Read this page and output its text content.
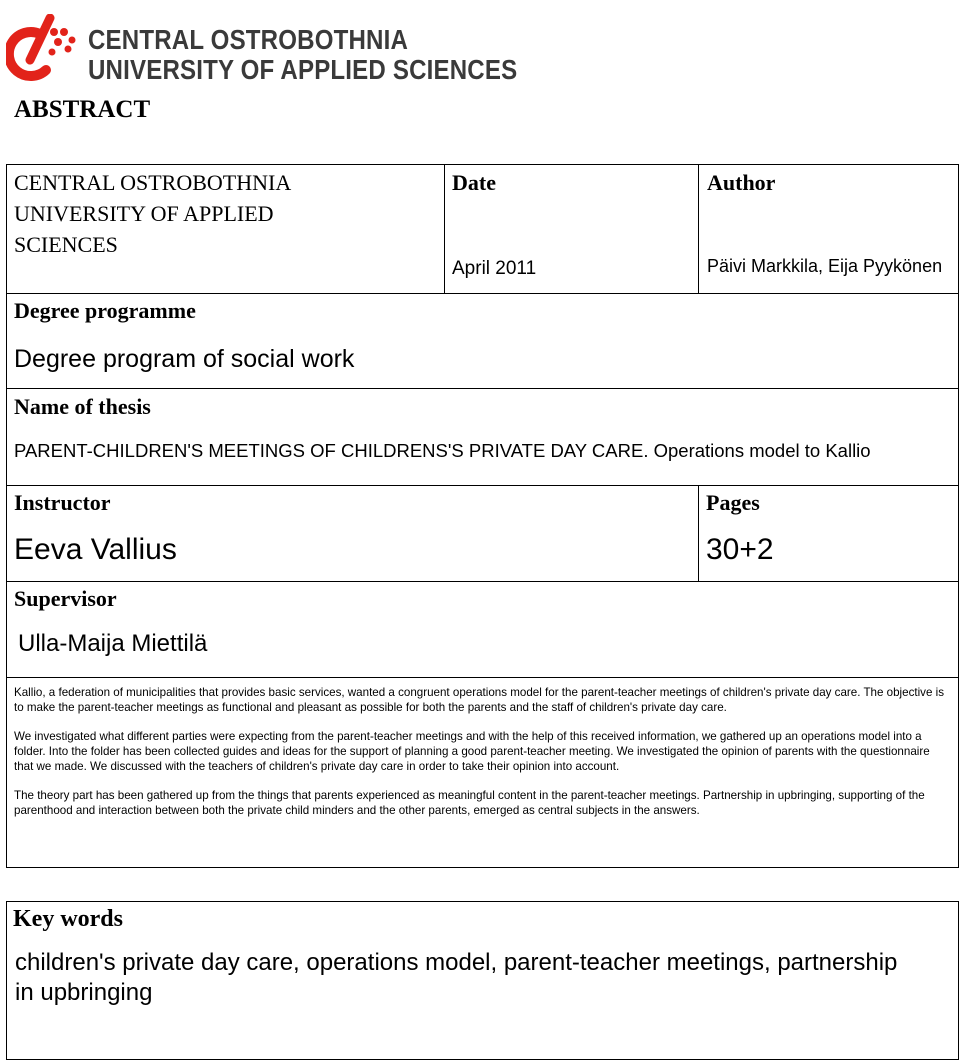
CENTRAL OSTROBOTHNIA
UNIVERSITY OF APPLIED SCIENCES
ABSTRACT
CENTRAL OSTROBOTHNIA
UNIVERSITY OF APPLIED
SCIENCES
Date
April 2011
Author
Päivi Markkila, Eija Pyykönen
Degree programme
Degree program of social work
Name of thesis
PARENT-CHILDREN'S MEETINGS OF CHILDRENS'S PRIVATE DAY CARE. Operations model to Kallio
Instructor
Eeva Vallius
Pages
30+2
Supervisor
Ulla-Maija Miettilä

Kallio, a federation of municipalities that provides basic services, wanted a congruent operations model for the parent-teacher meetings of children's private day care. The objective is to make the parent-teacher meetings as functional and pleasant as possible for both the parents and the staff of children's private day care.

We investigated what different parties were expecting from the parent-teacher meetings and with the help of this received information, we gathered up an operations model into a folder. Into the folder has been collected guides and ideas for the support of planning a good parent-teacher meeting. We investigated the opinion of parents with the questionnaire that we made. We discussed with the teachers of children's private day care in order to take their opinion into account.

The theory part has been gathered up from the things that parents experienced as meaningful content in the parent-teacher meetings. Partnership in upbringing, supporting of the parenthood and interaction between both the private child minders and the other parents, emerged as central subjects in the answers.

Key words
children's private day care, operations model, parent-teacher meetings, partnership in upbringing
